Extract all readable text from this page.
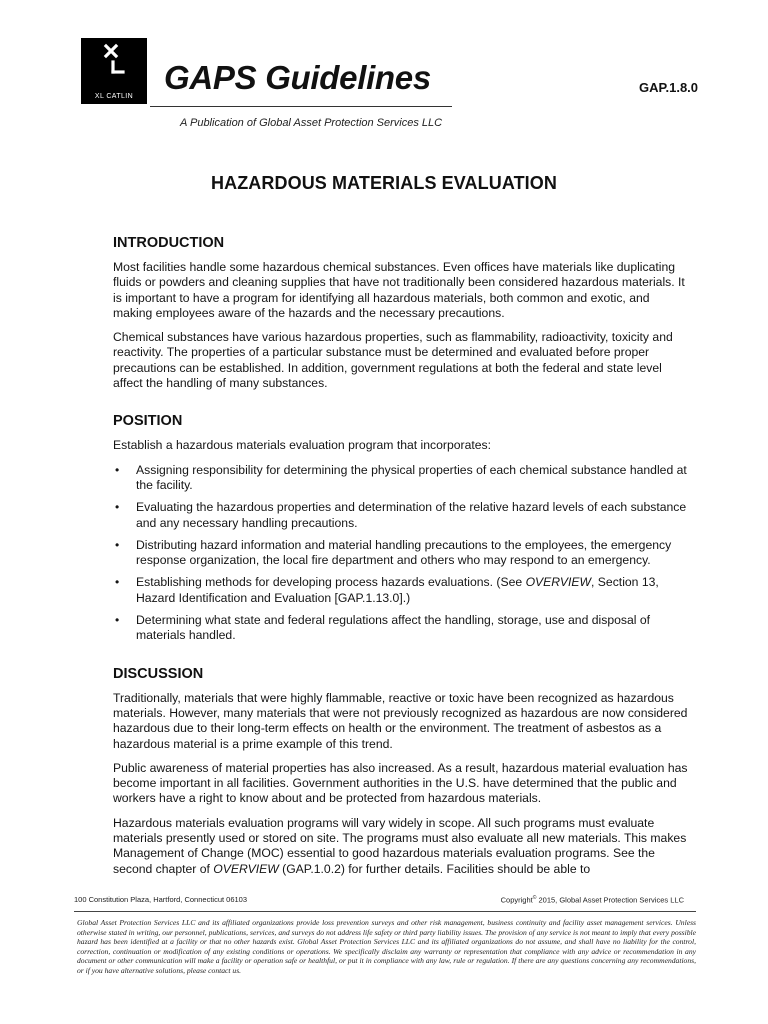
XL CATLIN
GAPS Guidelines	GAP.1.8.0
A Publication of Global Asset Protection Services LLC
HAZARDOUS MATERIALS EVALUATION
INTRODUCTION

Most facilities handle some hazardous chemical substances. Even offices have materials like duplicating fluids or powders and cleaning supplies that have not traditionally been considered hazardous materials. It is important to have a program for identifying all hazardous materials, both common and exotic, and making employees aware of the hazards and the necessary precautions.

Chemical substances have various hazardous properties, such as flammability, radioactivity, toxicity and reactivity. The properties of a particular substance must be determined and evaluated before proper precautions can be established. In addition, government regulations at both the federal and state level affect the handling of many substances.

POSITION

Establish a hazardous materials evaluation program that incorporates:

• Assigning responsibility for determining the physical properties of each chemical substance handled at the facility.
• Evaluating the hazardous properties and determination of the relative hazard levels of each substance and any necessary handling precautions.
• Distributing hazard information and material handling precautions to the employees, the emergency response organization, the local fire department and others who may respond to an emergency.
• Establishing methods for developing process hazards evaluations. (See OVERVIEW, Section 13, Hazard Identification and Evaluation [GAP.1.13.0].)
• Determining what state and federal regulations affect the handling, storage, use and disposal of materials handled.
DISCUSSION

Traditionally, materials that were highly flammable, reactive or toxic have been recognized as hazardous materials. However, many materials that were not previously recognized as hazardous are now considered hazardous due to their long-term effects on health or the environment. The treatment of asbestos as a hazardous material is a prime example of this trend.

Public awareness of material properties has also increased. As a result, hazardous material evaluation has become important in all facilities. Government authorities in the U.S. have determined that the public and workers have a right to know about and be protected from hazardous materials.

Hazardous materials evaluation programs will vary widely in scope. All such programs must evaluate materials presently used or stored on site. The programs must also evaluate all new materials. This makes Management of Change (MOC) essential to good hazardous materials evaluation programs. See the second chapter of OVERVIEW (GAP.1.0.2) for further details. Facilities should be able to

100 Constitution Plaza, Hartford, Connecticut 06103	Copyright© 2015, Global Asset Protection Services LLC

Global Asset Protection Services LLC and its affiliated organizations provide loss prevention surveys and other risk management, business continuity and facility asset management services. Unless otherwise stated in writing, our personnel, publications, services, and surveys do not address life safety or third party liability issues. The provision of any service is not meant to imply that every possible hazard has been identified at a facility or that no other hazards exist. Global Asset Protection Services LLC and its affiliated organizations do not assume, and shall have no liability for the control, correction, continuation or modification of any existing conditions or operations. We specifically disclaim any warranty or representation that compliance with any advice or recommendation in any document or other communication will make a facility or operation safe or healthful, or put it in compliance with any law, rule or regulation. If there are any questions concerning any recommendations, or if you have alternative solutions, please contact us.
